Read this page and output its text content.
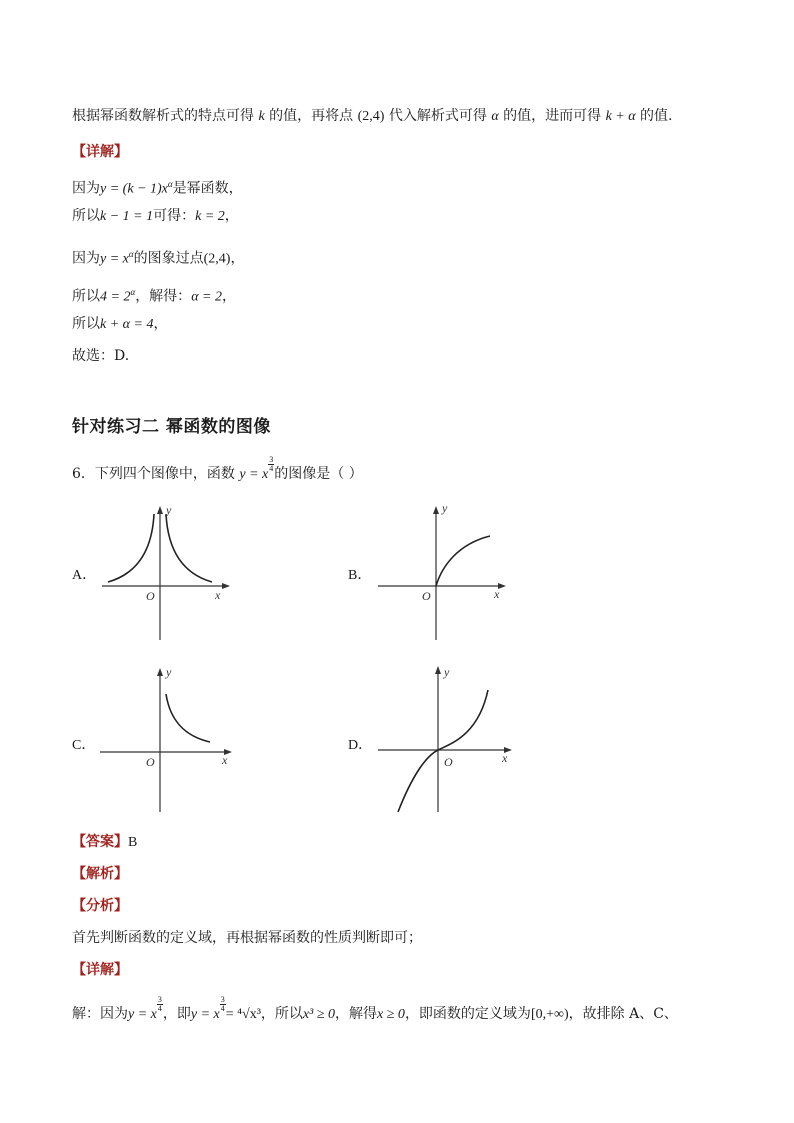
根据幂函数解析式的特点可得 k 的值，再将点 (2,4) 代入解析式可得 α 的值，进而可得 k + α 的值.
【详解】
因为$y = (k - 1)x^\alpha$是幂函数，
所以k − 1 = 1可得：k = 2，
因为$y = x^\alpha$的图象过点(2,4)，
所以$4 = 2^\alpha$，解得：α = 2，
所以k + α = 4，
故选：D.
针对练习二 幂函数的图像
6．下列四个图像中，函数 y = x
$\frac{3}{4}$
的图像是（ ）
A．
y
x
O
B．
y
x
O
C．
y
x
O
D．
y
x
O
【答案】B
【解析】
【分析】
首先判断函数的定义域，再根据幂函数的性质判断即可；
【详解】
解：因为y = x
$\frac{3}{4}$
，即y = x
$\frac{3}{4}$
= ⁴√x³，所以x³ ≥ 0，解得x ≥ 0，即函数的定义域为[0,+∞)，故排除 A、C、
